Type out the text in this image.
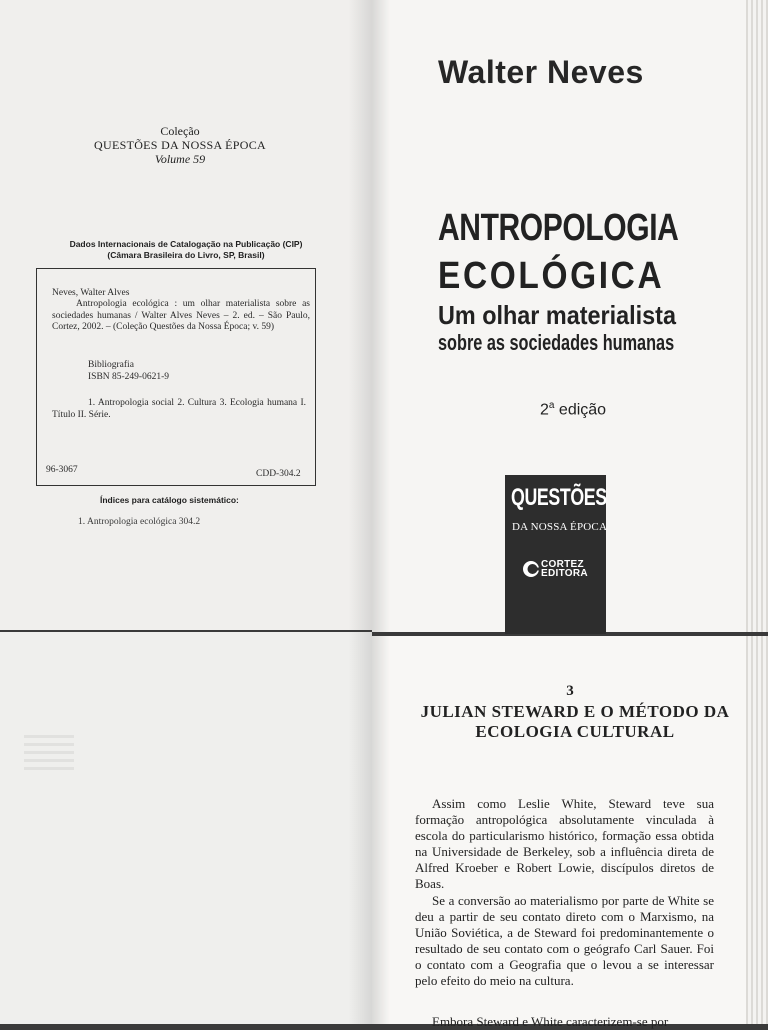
Coleção
QUESTÕES DA NOSSA ÉPOCA
Volume 59
Dados Internacionais de Catalogação na Publicação (CIP)
(Câmara Brasileira do Livro, SP, Brasil)
Neves, Walter Alves
Antropologia ecológica : um olhar materialista sobre as sociedades humanas / Walter Alves Neves – 2. ed. – São Paulo, Cortez, 2002. – (Coleção Questões da Nossa Época; v. 59)
Bibliografia
ISBN 85-249-0621-9
1. Antropologia social 2. Cultura 3. Ecologia humana I. Título II. Série.
96-3067	CDD-304.2
Índices para catálogo sistemático:
1. Antropologia ecológica 304.2
Walter Neves
ANTROPOLOGIA
ECOLÓGICA
Um olhar materialista
sobre as sociedades humanas
2$^a$ edição
QUESTÕES
DA NOSSA ÉPOCA
CORTEZ
EDITORA
3
JULIAN STEWARD E O MÉTODO DA ECOLOGIA CULTURAL
Assim como Leslie White, Steward teve sua formação antropológica absolutamente vinculada à escola do particularismo histórico, formação essa obtida na Universidade de Berkeley, sob a influência direta de Alfred Kroeber e Robert Lowie, discípulos diretos de Boas.
Se a conversão ao materialismo por parte de White se deu a partir de seu contato direto com o Marxismo, na União Soviética, a de Steward foi predominantemente o resultado de seu contato com o geógrafo Carl Sauer. Foi o contato com a Geografia que o levou a se interessar pelo efeito do meio na cultura.
Embora Steward e White caracterizem-se por
